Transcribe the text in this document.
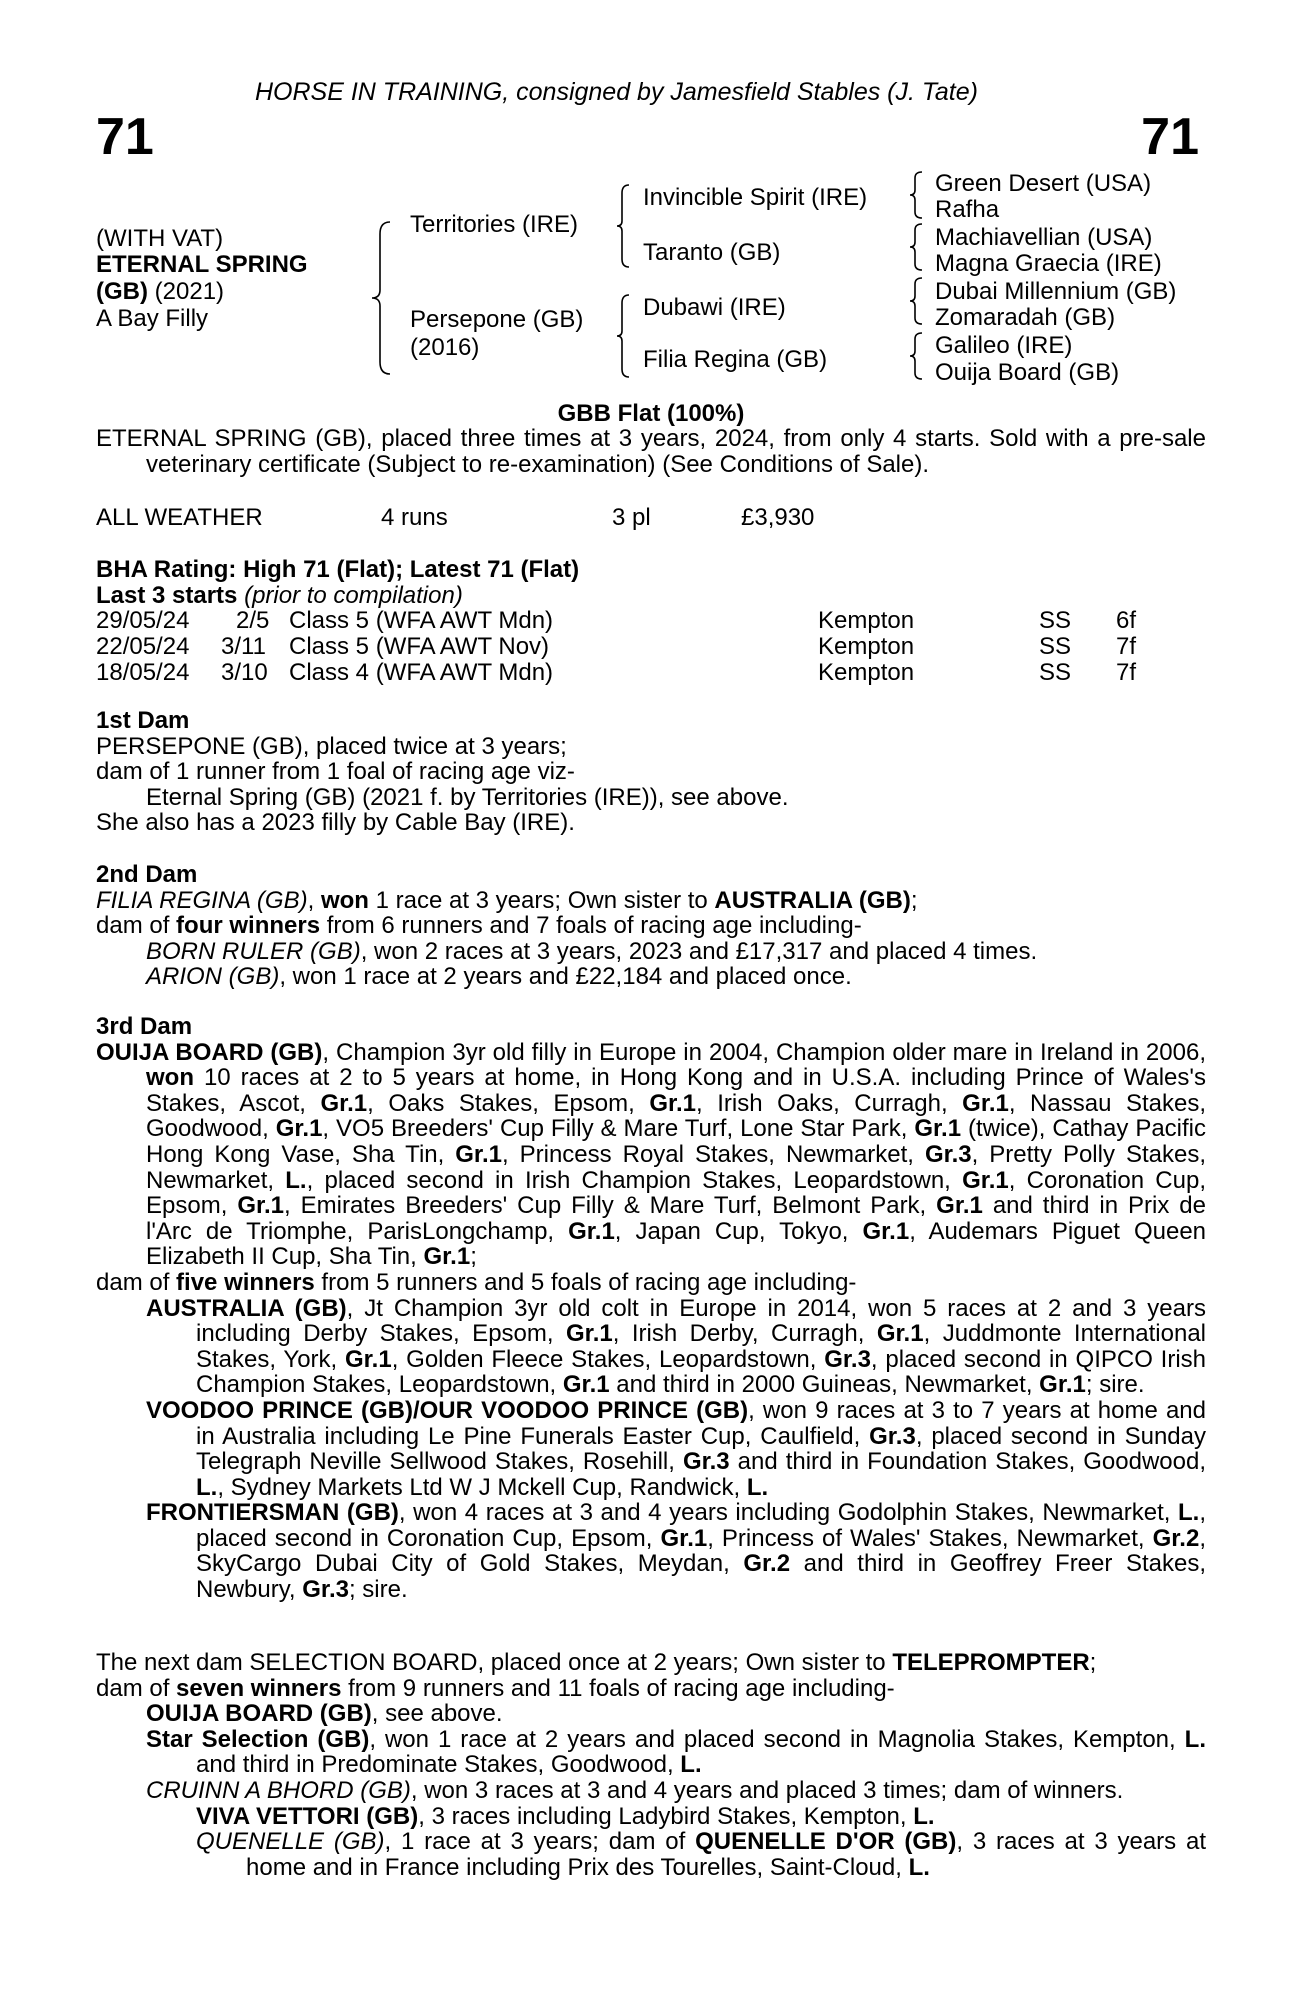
HORSE IN TRAINING, consigned by Jamesfield Stables (J. Tate)
71	71
(WITH VAT)
ETERNAL SPRING
(GB) (2021)
A Bay Filly
Territories (IRE)
Persepone (GB)
(2016)
Invincible Spirit (IRE)
Taranto (GB)
Dubawi (IRE)
Filia Regina (GB)
Green Desert (USA)
Rafha
Machiavellian (USA)
Magna Graecia (IRE)
Dubai Millennium (GB)
Zomaradah (GB)
Galileo (IRE)
Ouija Board (GB)
GBB Flat (100%)

ETERNAL SPRING (GB), placed three times at 3 years, 2024, from only 4 starts. Sold with a pre-sale veterinary certificate (Subject to re-examination) (See Conditions of Sale).

ALL WEATHER	4 runs	3 pl	£3,930
BHA Rating: High 71 (Flat); Latest 71 (Flat)
Last 3 starts (prior to compilation)
29/05/24 2/5 Class 5 (WFA AWT Mdn)	Kempton	SS 6f
22/05/24 3/11 Class 5 (WFA AWT Nov)	Kempton	SS 7f
18/05/24 3/10 Class 4 (WFA AWT Mdn)	Kempton	SS 7f

1st Dam

PERSEPONE (GB), placed twice at 3 years;

dam of 1 runner from 1 foal of racing age viz-

Eternal Spring (GB) (2021 f. by Territories (IRE)), see above.

She also has a 2023 filly by Cable Bay (IRE).

2nd Dam

FILIA REGINA (GB), won 1 race at 3 years; Own sister to AUSTRALIA (GB);

dam of four winners from 6 runners and 7 foals of racing age including-

BORN RULER (GB), won 2 races at 3 years, 2023 and £17,317 and placed 4 times.

ARION (GB), won 1 race at 2 years and £22,184 and placed once.

3rd Dam

OUIJA BOARD (GB), Champion 3yr old filly in Europe in 2004, Champion older mare in Ireland in 2006, won 10 races at 2 to 5 years at home, in Hong Kong and in U.S.A. including Prince of Wales's Stakes, Ascot, Gr.1, Oaks Stakes, Epsom, Gr.1, Irish Oaks, Curragh, Gr.1, Nassau Stakes, Goodwood, Gr.1, VO5 Breeders' Cup Filly & Mare Turf, Lone Star Park, Gr.1 (twice), Cathay Pacific Hong Kong Vase, Sha Tin, Gr.1, Princess Royal Stakes, Newmarket, Gr.3, Pretty Polly Stakes, Newmarket, L., placed second in Irish Champion Stakes, Leopardstown, Gr.1, Coronation Cup, Epsom, Gr.1, Emirates Breeders' Cup Filly & Mare Turf, Belmont Park, Gr.1 and third in Prix de l'Arc de Triomphe, ParisLongchamp, Gr.1, Japan Cup, Tokyo, Gr.1, Audemars Piguet Queen Elizabeth II Cup, Sha Tin, Gr.1;

dam of five winners from 5 runners and 5 foals of racing age including-

AUSTRALIA (GB), Jt Champion 3yr old colt in Europe in 2014, won 5 races at 2 and 3 years including Derby Stakes, Epsom, Gr.1, Irish Derby, Curragh, Gr.1, Juddmonte International Stakes, York, Gr.1, Golden Fleece Stakes, Leopardstown, Gr.3, placed second in QIPCO Irish Champion Stakes, Leopardstown, Gr.1 and third in 2000 Guineas, Newmarket, Gr.1; sire.

VOODOO PRINCE (GB)/OUR VOODOO PRINCE (GB), won 9 races at 3 to 7 years at home and in Australia including Le Pine Funerals Easter Cup, Caulfield, Gr.3, placed second in Sunday Telegraph Neville Sellwood Stakes, Rosehill, Gr.3 and third in Foundation Stakes, Goodwood, L., Sydney Markets Ltd W J Mckell Cup, Randwick, L.

FRONTIERSMAN (GB), won 4 races at 3 and 4 years including Godolphin Stakes, Newmarket, L., placed second in Coronation Cup, Epsom, Gr.1, Princess of Wales' Stakes, Newmarket, Gr.2, SkyCargo Dubai City of Gold Stakes, Meydan, Gr.2 and third in Geoffrey Freer Stakes, Newbury, Gr.3; sire.

The next dam SELECTION BOARD, placed once at 2 years; Own sister to TELEPROMPTER;

dam of seven winners from 9 runners and 11 foals of racing age including-

OUIJA BOARD (GB), see above.

Star Selection (GB), won 1 race at 2 years and placed second in Magnolia Stakes, Kempton, L. and third in Predominate Stakes, Goodwood, L.

CRUINN A BHORD (GB), won 3 races at 3 and 4 years and placed 3 times; dam of winners.

VIVA VETTORI (GB), 3 races including Ladybird Stakes, Kempton, L.

QUENELLE (GB), 1 race at 3 years; dam of QUENELLE D'OR (GB), 3 races at 3 years at home and in France including Prix des Tourelles, Saint-Cloud, L.
